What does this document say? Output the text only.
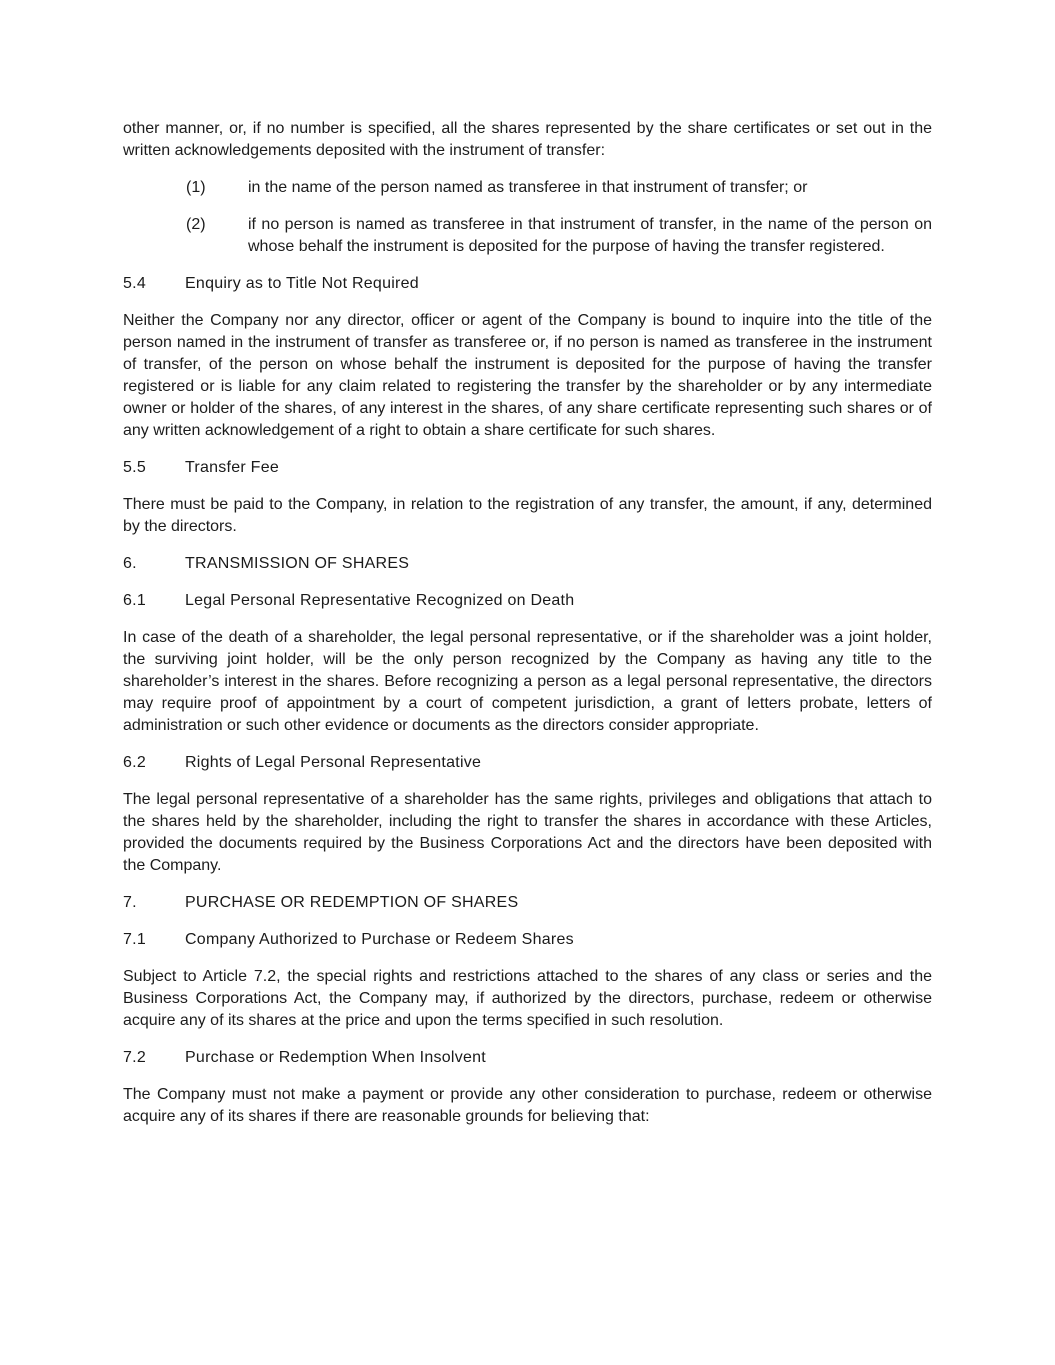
other manner, or, if no number is specified, all the shares represented by the share certificates or set out in the written acknowledgements deposited with the instrument of transfer:

(1)	in the name of the person named as transferee in that instrument of transfer; or
(2)	if no person is named as transferee in that instrument of transfer, in the name of the person on whose behalf the instrument is deposited for the purpose of having the transfer registered.
5.4	Enquiry as to Title Not Required

Neither the Company nor any director, officer or agent of the Company is bound to inquire into the title of the person named in the instrument of transfer as transferee or, if no person is named as transferee in the instrument of transfer, of the person on whose behalf the instrument is deposited for the purpose of having the transfer registered or is liable for any claim related to registering the transfer by the shareholder or by any intermediate owner or holder of the shares, of any interest in the shares, of any share certificate representing such shares or of any written acknowledgement of a right to obtain a share certificate for such shares.

5.5	Transfer Fee

There must be paid to the Company, in relation to the registration of any transfer, the amount, if any, determined by the directors.

6.	TRANSMISSION OF SHARES
6.1	Legal Personal Representative Recognized on Death

In case of the death of a shareholder, the legal personal representative, or if the shareholder was a joint holder, the surviving joint holder, will be the only person recognized by the Company as having any title to the shareholder’s interest in the shares. Before recognizing a person as a legal personal representative, the directors may require proof of appointment by a court of competent jurisdiction, a grant of letters probate, letters of administration or such other evidence or documents as the directors consider appropriate.

6.2	Rights of Legal Personal Representative

The legal personal representative of a shareholder has the same rights, privileges and obligations that attach to the shares held by the shareholder, including the right to transfer the shares in accordance with these Articles, provided the documents required by the Business Corporations Act and the directors have been deposited with the Company.

7.	PURCHASE OR REDEMPTION OF SHARES
7.1	Company Authorized to Purchase or Redeem Shares

Subject to Article 7.2, the special rights and restrictions attached to the shares of any class or series and the Business Corporations Act, the Company may, if authorized by the directors, purchase, redeem or otherwise acquire any of its shares at the price and upon the terms specified in such resolution.

7.2	Purchase or Redemption When Insolvent

The Company must not make a payment or provide any other consideration to purchase, redeem or otherwise acquire any of its shares if there are reasonable grounds for believing that:
